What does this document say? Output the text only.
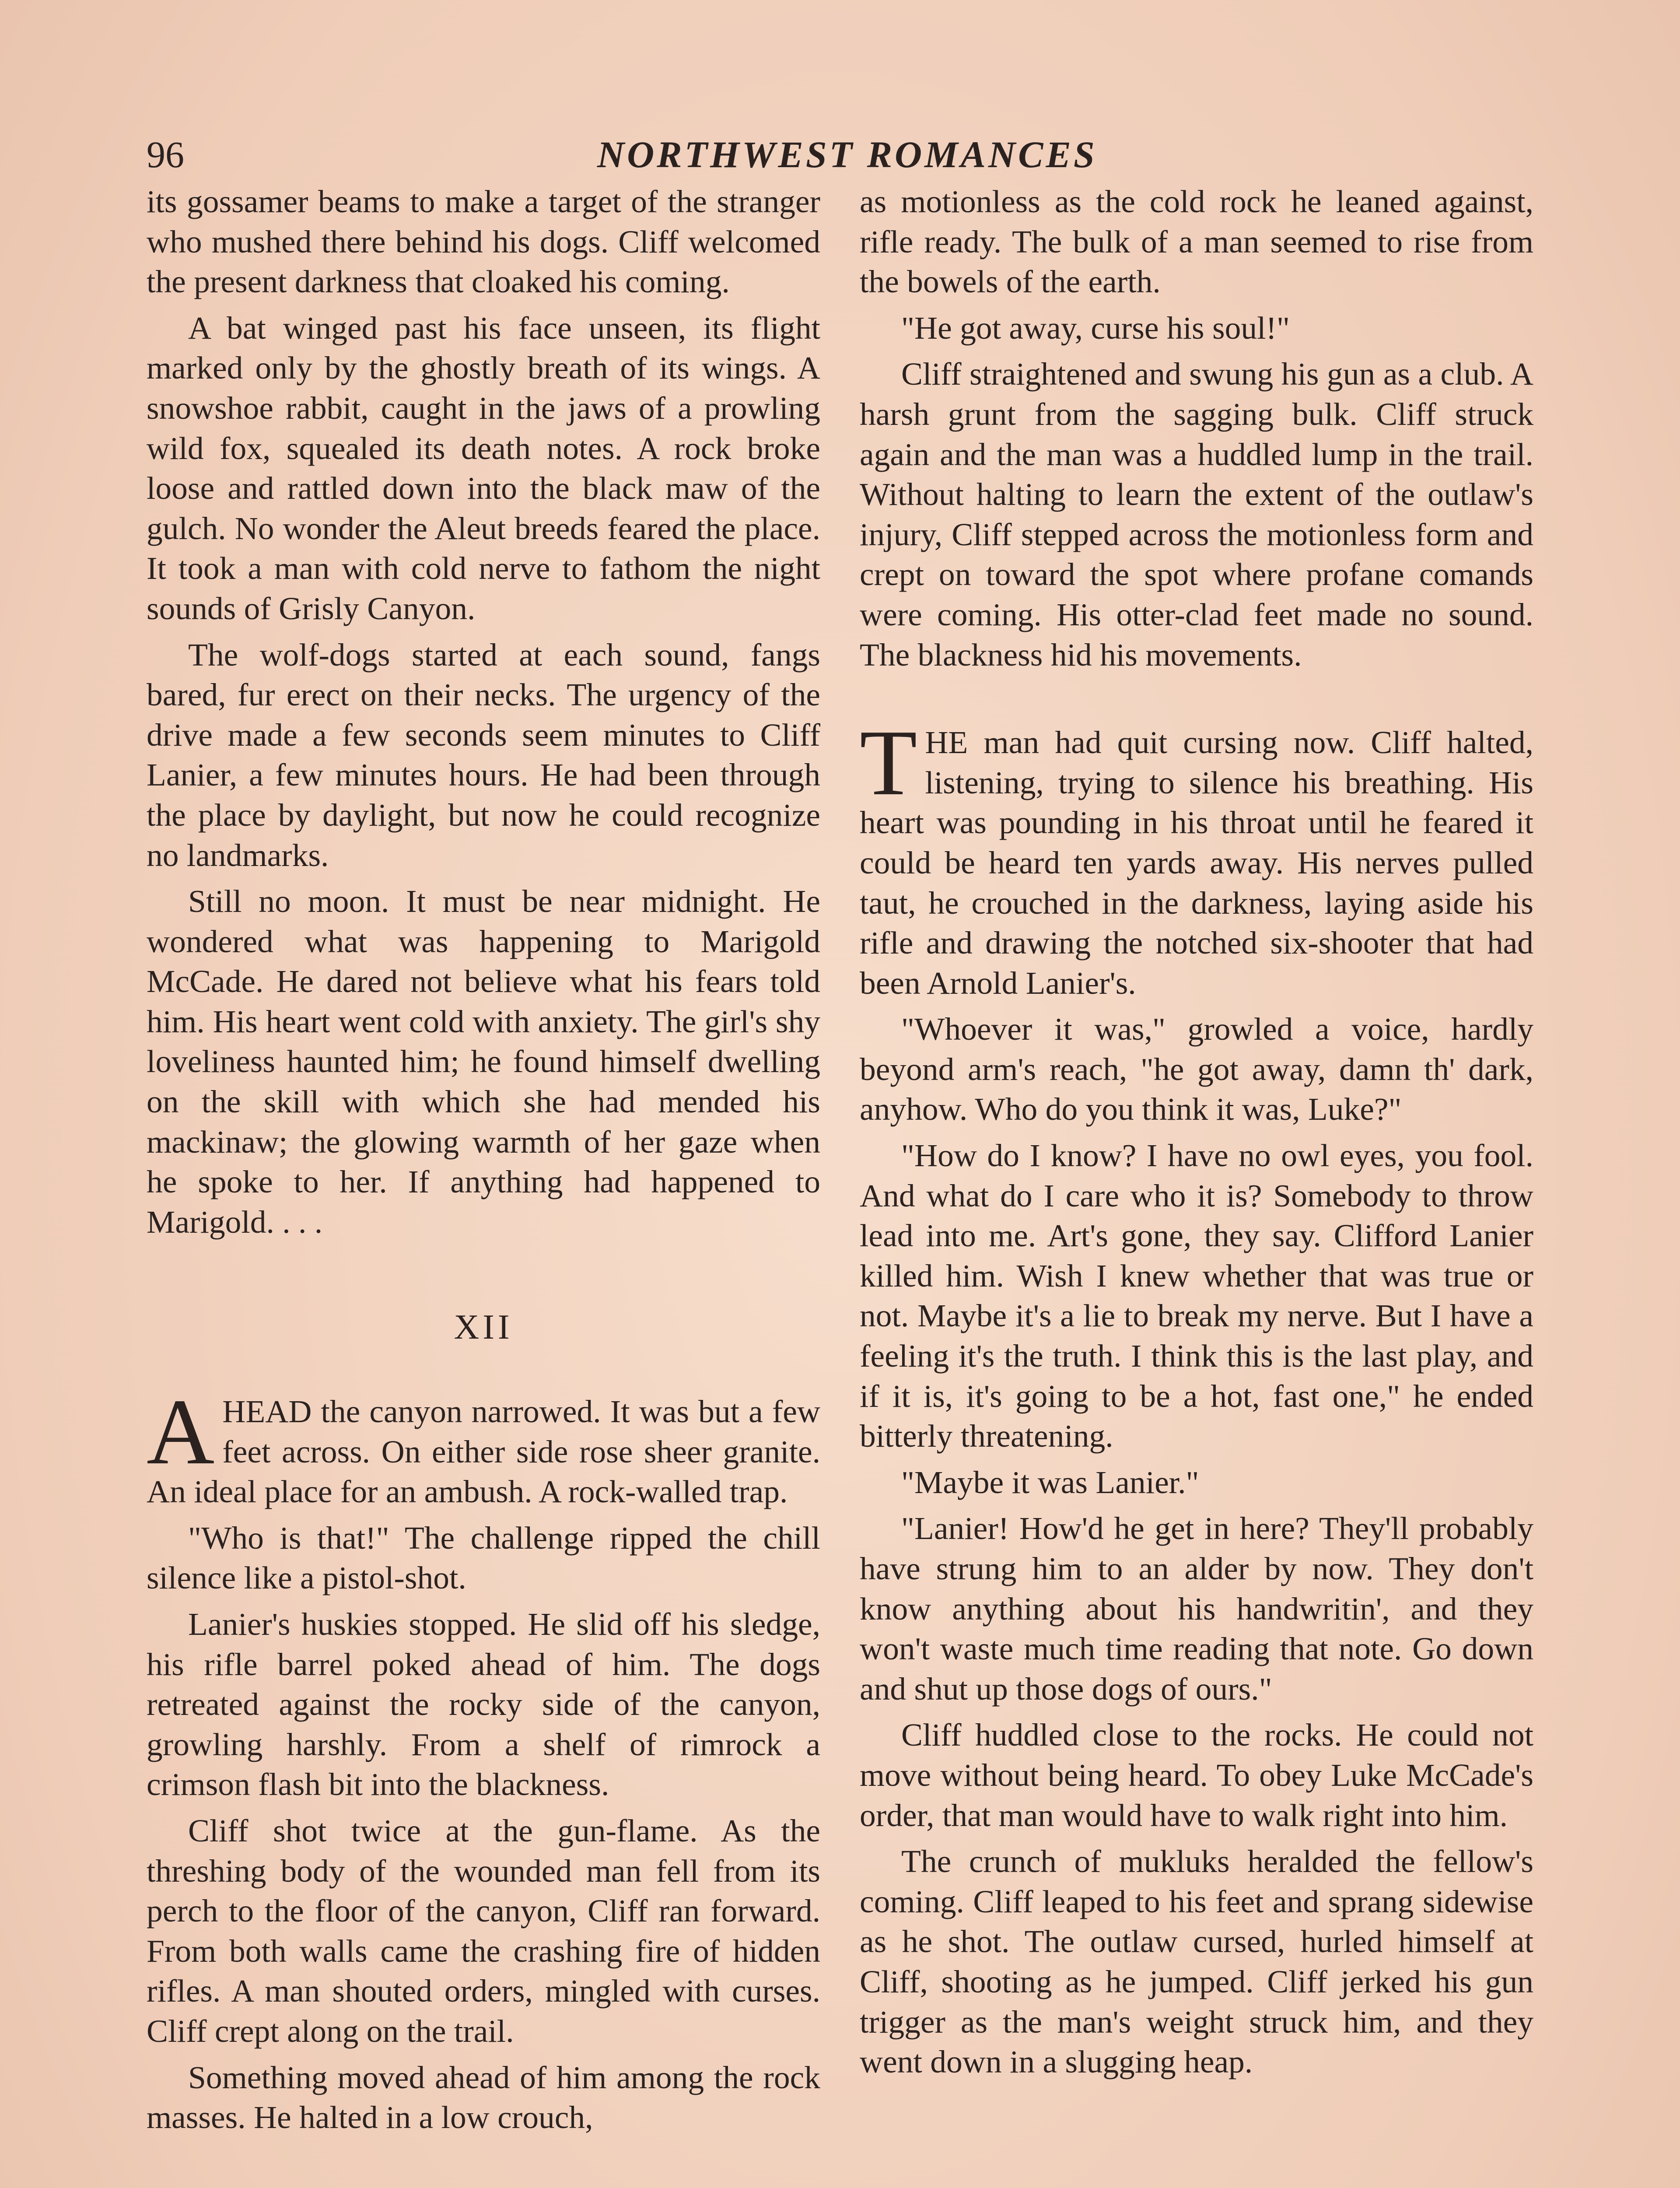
96	NORTHWEST ROMANCES

its gossamer beams to make a target of the stranger who mushed there behind his dogs. Cliff welcomed the present darkness that cloaked his coming.

A bat winged past his face unseen, its flight marked only by the ghostly breath of its wings. A snowshoe rabbit, caught in the jaws of a prowling wild fox, squealed its death notes. A rock broke loose and rattled down into the black maw of the gulch. No wonder the Aleut breeds feared the place. It took a man with cold nerve to fathom the night sounds of Grisly Canyon.

The wolf-dogs started at each sound, fangs bared, fur erect on their necks. The urgency of the drive made a few seconds seem minutes to Cliff Lanier, a few minutes hours. He had been through the place by daylight, but now he could recognize no landmarks.

Still no moon. It must be near midnight. He wondered what was happening to Marigold McCade. He dared not believe what his fears told him. His heart went cold with anxiety. The girl's shy loveliness haunted him; he found himself dwelling on the skill with which she had mended his mackinaw; the glowing warmth of her gaze when he spoke to her. If anything had happened to Marigold. . . .

XII

AHEAD the canyon narrowed. It was but a few feet across. On either side rose sheer granite. An ideal place for an ambush. A rock-walled trap.

"Who is that!" The challenge ripped the chill silence like a pistol-shot.

Lanier's huskies stopped. He slid off his sledge, his rifle barrel poked ahead of him. The dogs retreated against the rocky side of the canyon, growling harshly. From a shelf of rimrock a crimson flash bit into the blackness.

Cliff shot twice at the gun-flame. As the threshing body of the wounded man fell from its perch to the floor of the canyon, Cliff ran forward. From both walls came the crashing fire of hidden rifles. A man shouted orders, mingled with curses. Cliff crept along on the trail.

Something moved ahead of him among the rock masses. He halted in a low crouch,

as motionless as the cold rock he leaned against, rifle ready. The bulk of a man seemed to rise from the bowels of the earth.

"He got away, curse his soul!"

Cliff straightened and swung his gun as a club. A harsh grunt from the sagging bulk. Cliff struck again and the man was a huddled lump in the trail. Without halting to learn the extent of the outlaw's injury, Cliff stepped across the motionless form and crept on toward the spot where profane comands were coming. His otter-clad feet made no sound. The blackness hid his movements.

THE man had quit cursing now. Cliff halted, listening, trying to silence his breathing. His heart was pounding in his throat until he feared it could be heard ten yards away. His nerves pulled taut, he crouched in the darkness, laying aside his rifle and drawing the notched six-shooter that had been Arnold Lanier's.

"Whoever it was," growled a voice, hardly beyond arm's reach, "he got away, damn th' dark, anyhow. Who do you think it was, Luke?"

"How do I know? I have no owl eyes, you fool. And what do I care who it is? Somebody to throw lead into me. Art's gone, they say. Clifford Lanier killed him. Wish I knew whether that was true or not. Maybe it's a lie to break my nerve. But I have a feeling it's the truth. I think this is the last play, and if it is, it's going to be a hot, fast one," he ended bitterly threatening.

"Maybe it was Lanier."

"Lanier! How'd he get in here? They'll probably have strung him to an alder by now. They don't know anything about his handwritin', and they won't waste much time reading that note. Go down and shut up those dogs of ours."

Cliff huddled close to the rocks. He could not move without being heard. To obey Luke McCade's order, that man would have to walk right into him.

The crunch of mukluks heralded the fellow's coming. Cliff leaped to his feet and sprang sidewise as he shot. The outlaw cursed, hurled himself at Cliff, shooting as he jumped. Cliff jerked his gun trigger as the man's weight struck him, and they went down in a slugging heap.
